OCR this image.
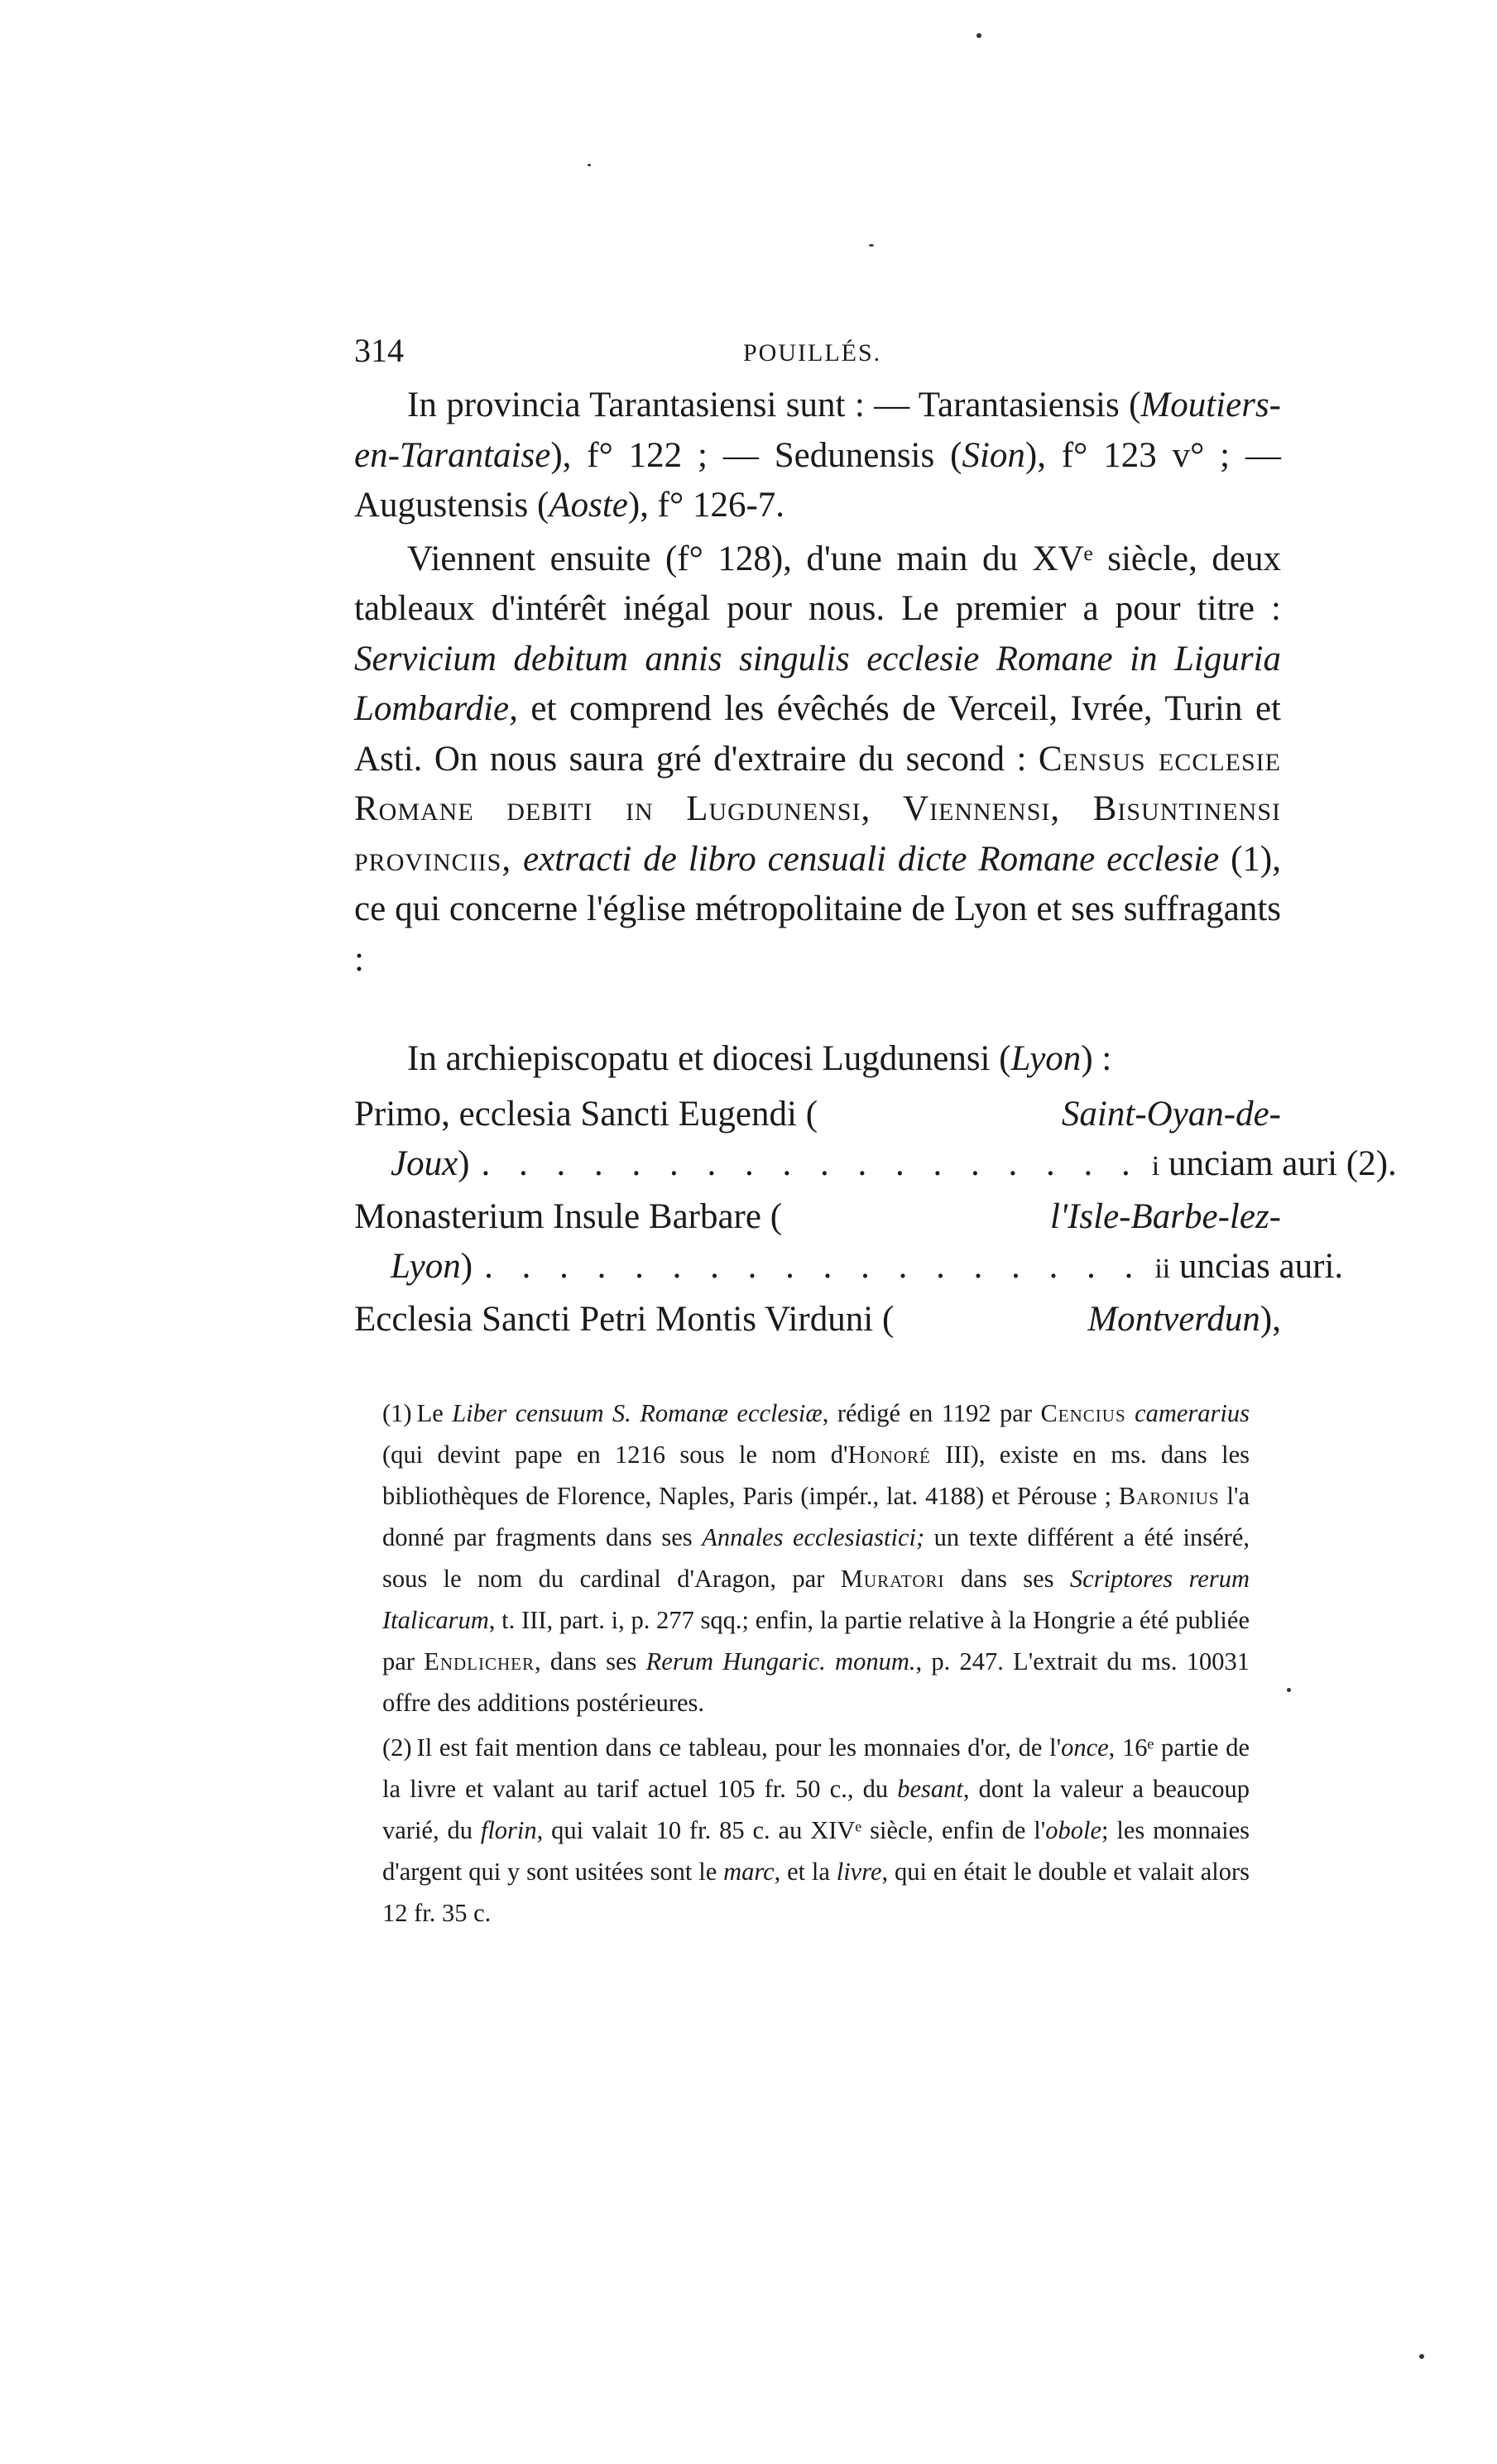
314	POUILLÉS.

In provincia Tarantasiensi sunt : — Tarantasiensis (Moutiers-en-Tarantaise), f° 122 ; — Sedunensis (Sion), f° 123 v° ; — Augustensis (Aoste), f° 126-7.

Viennent ensuite (f° 128), d'une main du XVᵉ siècle, deux tableaux d'intérêt inégal pour nous. Le premier a pour titre : Servicium debitum annis singulis ecclesie Romane in Liguria Lombardie, et comprend les évêchés de Verceil, Ivrée, Turin et Asti. On nous saura gré d'extraire du second : Census ecclesie Romane debiti in Lugdunensi, Viennensi, Bisuntinensi provinciis, extracti de libro censuali dicte Romane ecclesie (1), ce qui concerne l'église métropolitaine de Lyon et ses suffragants :

In archiepiscopatu et diocesi Lugdunensi (Lyon) :
Primo, ecclesia Sancti Eugendi (	Saint-Oyan-de-
Joux) . . . . . . . . . . . . . . . . . . i unciam auri (2).
Monasterium Insule Barbare (	l'Isle-Barbe-lez-
Lyon) . . . . . . . . . . . . . . . . . . ii uncias auri.
Ecclesia Sancti Petri Montis Virduni (	Montverdun),

(1) Le Liber censuum S. Romanæ ecclesiæ, rédigé en 1192 par Cencius camerarius (qui devint pape en 1216 sous le nom d'Honoré III), existe en ms. dans les bibliothèques de Florence, Naples, Paris (impér., lat. 4188) et Pérouse ; Baronius l'a donné par fragments dans ses Annales ecclesiastici; un texte différent a été inséré, sous le nom du cardinal d'Aragon, par Muratori dans ses Scriptores rerum Italicarum, t. III, part. i, p. 277 sqq.; enfin, la partie relative à la Hongrie a été publiée par Endlicher, dans ses Rerum Hungaric. monum., p. 247. L'extrait du ms. 10031 offre des additions postérieures.

(2) Il est fait mention dans ce tableau, pour les monnaies d'or, de l'once, 16ᵉ partie de la livre et valant au tarif actuel 105 fr. 50 c., du besant, dont la valeur a beaucoup varié, du florin, qui valait 10 fr. 85 c. au XIVᵉ siècle, enfin de l'obole; les monnaies d'argent qui y sont usitées sont le marc, et la livre, qui en était le double et valait alors 12 fr. 35 c.
